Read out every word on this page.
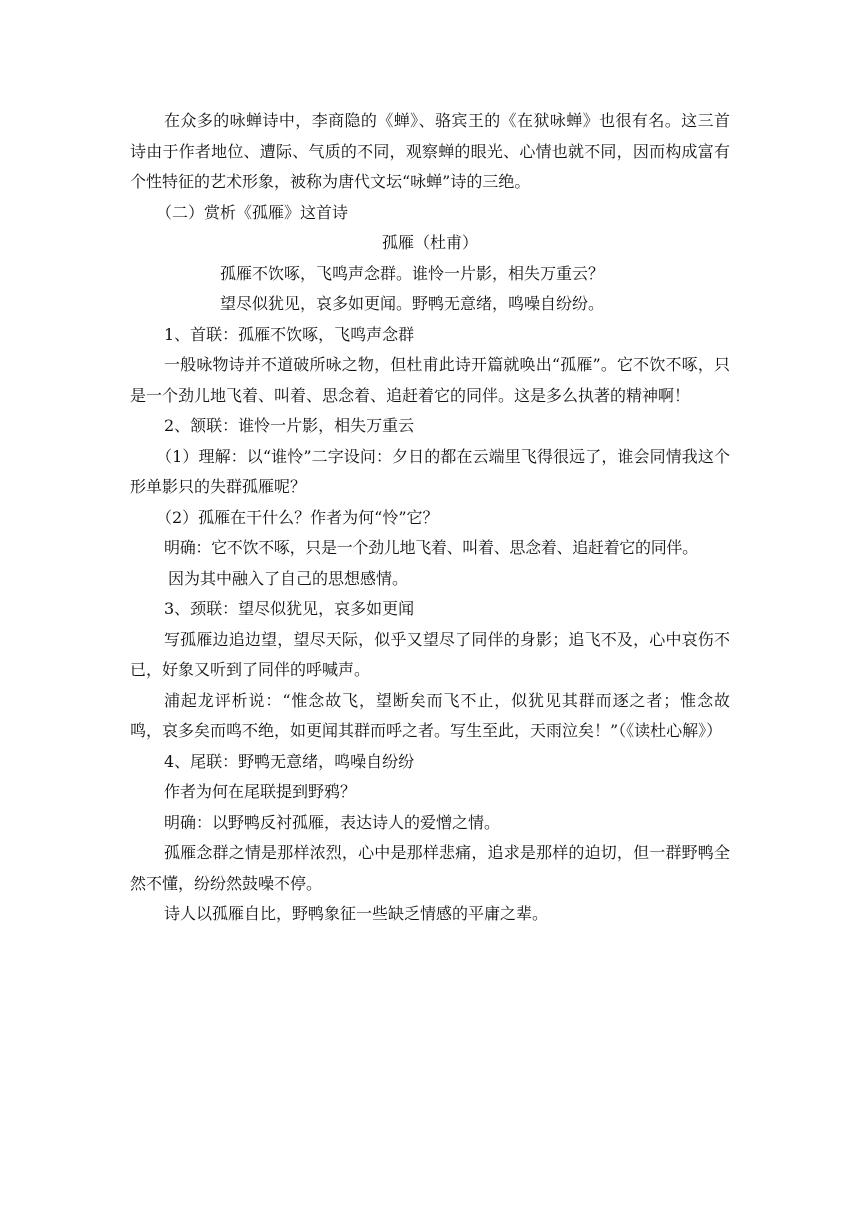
在众多的咏蝉诗中，李商隐的《蝉》、骆宾王的《在狱咏蝉》也很有名。这三首诗由于作者地位、遭际、气质的不同，观察蝉的眼光、心情也就不同，因而构成富有个性特征的艺术形象，被称为唐代文坛“咏蝉”诗的三绝。

（二）赏析《孤雁》这首诗

孤雁（杜甫）

孤雁不饮啄，飞鸣声念群。谁怜一片影，相失万重云？

望尽似犹见，哀多如更闻。野鸭无意绪，鸣噪自纷纷。

1、首联：孤雁不饮啄，飞鸣声念群

一般咏物诗并不道破所咏之物，但杜甫此诗开篇就唤出“孤雁”。它不饮不啄，只是一个劲儿地飞着、叫着、思念着、追赶着它的同伴。这是多么执著的精神啊！

2、颔联：谁怜一片影，相失万重云

（1）理解：以“谁怜”二字设问：夕日的都在云端里飞得很远了，谁会同情我这个形单影只的失群孤雁呢？

（2）孤雁在干什么？作者为何“怜”它？

明确：它不饮不啄，只是一个劲儿地飞着、叫着、思念着、追赶着它的同伴。

因为其中融入了自己的思想感情。

3、颈联：望尽似犹见，哀多如更闻

写孤雁边追边望，望尽天际，似乎又望尽了同伴的身影；追飞不及，心中哀伤不已，好象又听到了同伴的呼喊声。

浦起龙评析说：“惟念故飞，望断矣而飞不止，似犹见其群而逐之者；惟念故鸣，哀多矣而鸣不绝，如更闻其群而呼之者。写生至此，天雨泣矣！”（《读杜心解》）

4、尾联：野鸭无意绪，鸣噪自纷纷

作者为何在尾联提到野鸦？

明确：以野鸭反衬孤雁，表达诗人的爱憎之情。

孤雁念群之情是那样浓烈，心中是那样悲痛，追求是那样的迫切，但一群野鸭全然不懂，纷纷然鼓噪不停。

诗人以孤雁自比，野鸭象征一些缺乏情感的平庸之辈。
